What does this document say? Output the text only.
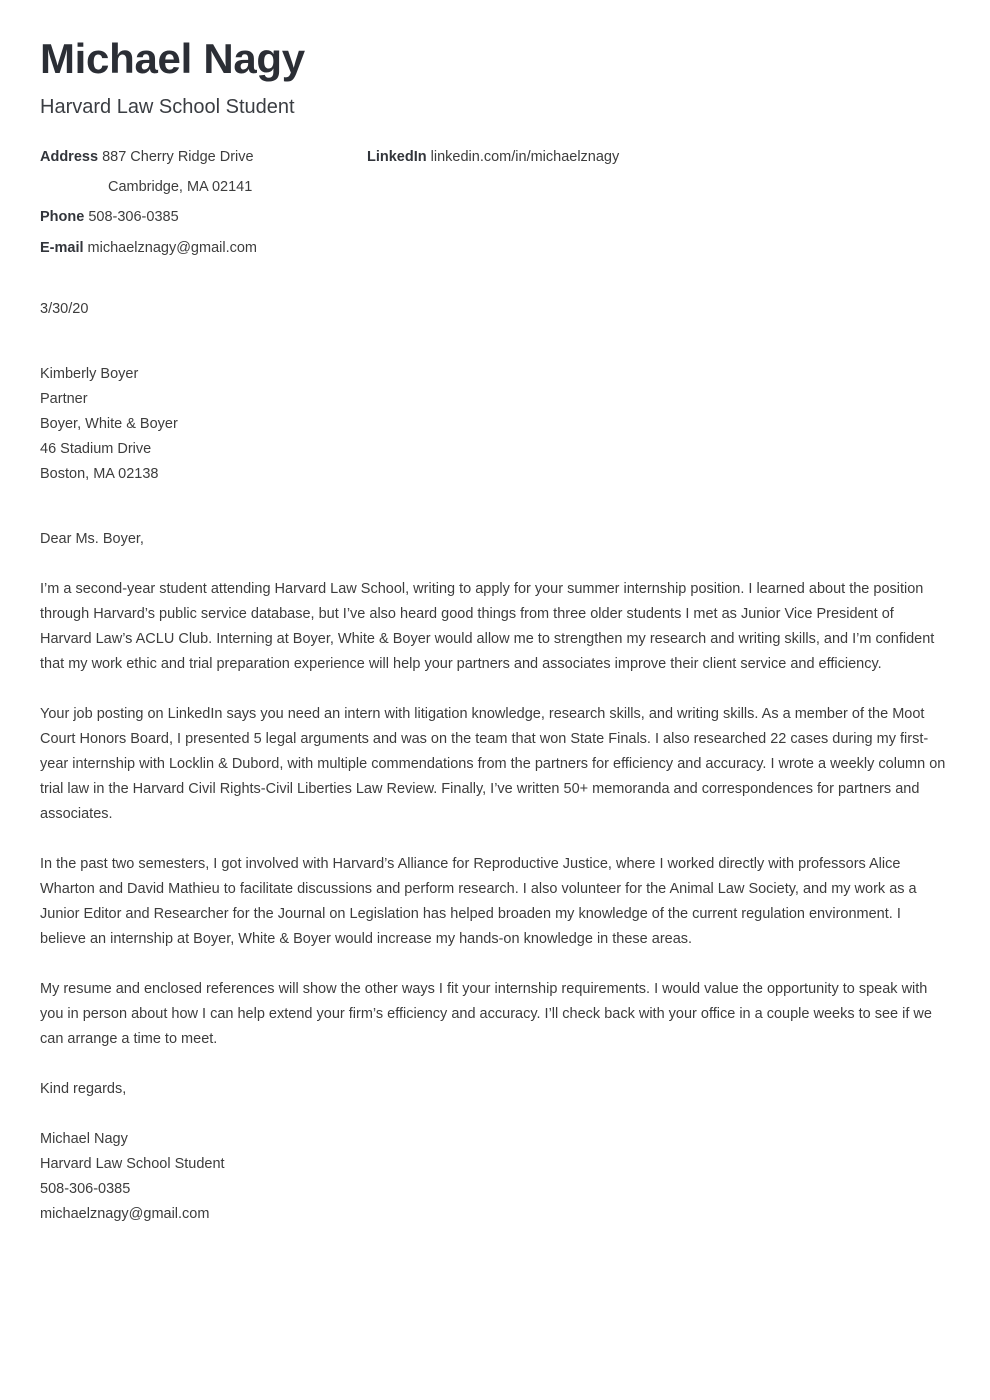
Michael Nagy
Harvard Law School Student
Address 887 Cherry Ridge Drive
Cambridge, MA 02141
Phone 508-306-0385
E-mail michaelznagy@gmail.com
LinkedIn linkedin.com/in/michaelznagy
3/30/20
Kimberly Boyer
Partner
Boyer, White & Boyer
46 Stadium Drive
Boston, MA 02138
Dear Ms. Boyer,

I’m a second-year student attending Harvard Law School, writing to apply for your summer internship position. I learned about the position through Harvard’s public service database, but I’ve also heard good things from three older students I met as Junior Vice President of Harvard Law’s ACLU Club. Interning at Boyer, White & Boyer would allow me to strengthen my research and writing skills, and I’m confident that my work ethic and trial preparation experience will help your partners and associates improve their client service and efficiency.

Your job posting on LinkedIn says you need an intern with litigation knowledge, research skills, and writing skills. As a member of the Moot Court Honors Board, I presented 5 legal arguments and was on the team that won State Finals. I also researched 22 cases during my first-year internship with Locklin & Dubord, with multiple commendations from the partners for efficiency and accuracy. I wrote a weekly column on trial law in the Harvard Civil Rights-Civil Liberties Law Review. Finally, I’ve written 50+ memoranda and correspondences for partners and associates.

In the past two semesters, I got involved with Harvard’s Alliance for Reproductive Justice, where I worked directly with professors Alice Wharton and David Mathieu to facilitate discussions and perform research. I also volunteer for the Animal Law Society, and my work as a Junior Editor and Researcher for the Journal on Legislation has helped broaden my knowledge of the current regulation environment. I believe an internship at Boyer, White & Boyer would increase my hands-on knowledge in these areas.

My resume and enclosed references will show the other ways I fit your internship requirements. I would value the opportunity to speak with you in person about how I can help extend your firm’s efficiency and accuracy. I’ll check back with your office in a couple weeks to see if we can arrange a time to meet.

Kind regards,
Michael Nagy
Harvard Law School Student
508-306-0385
michaelznagy@gmail.com
